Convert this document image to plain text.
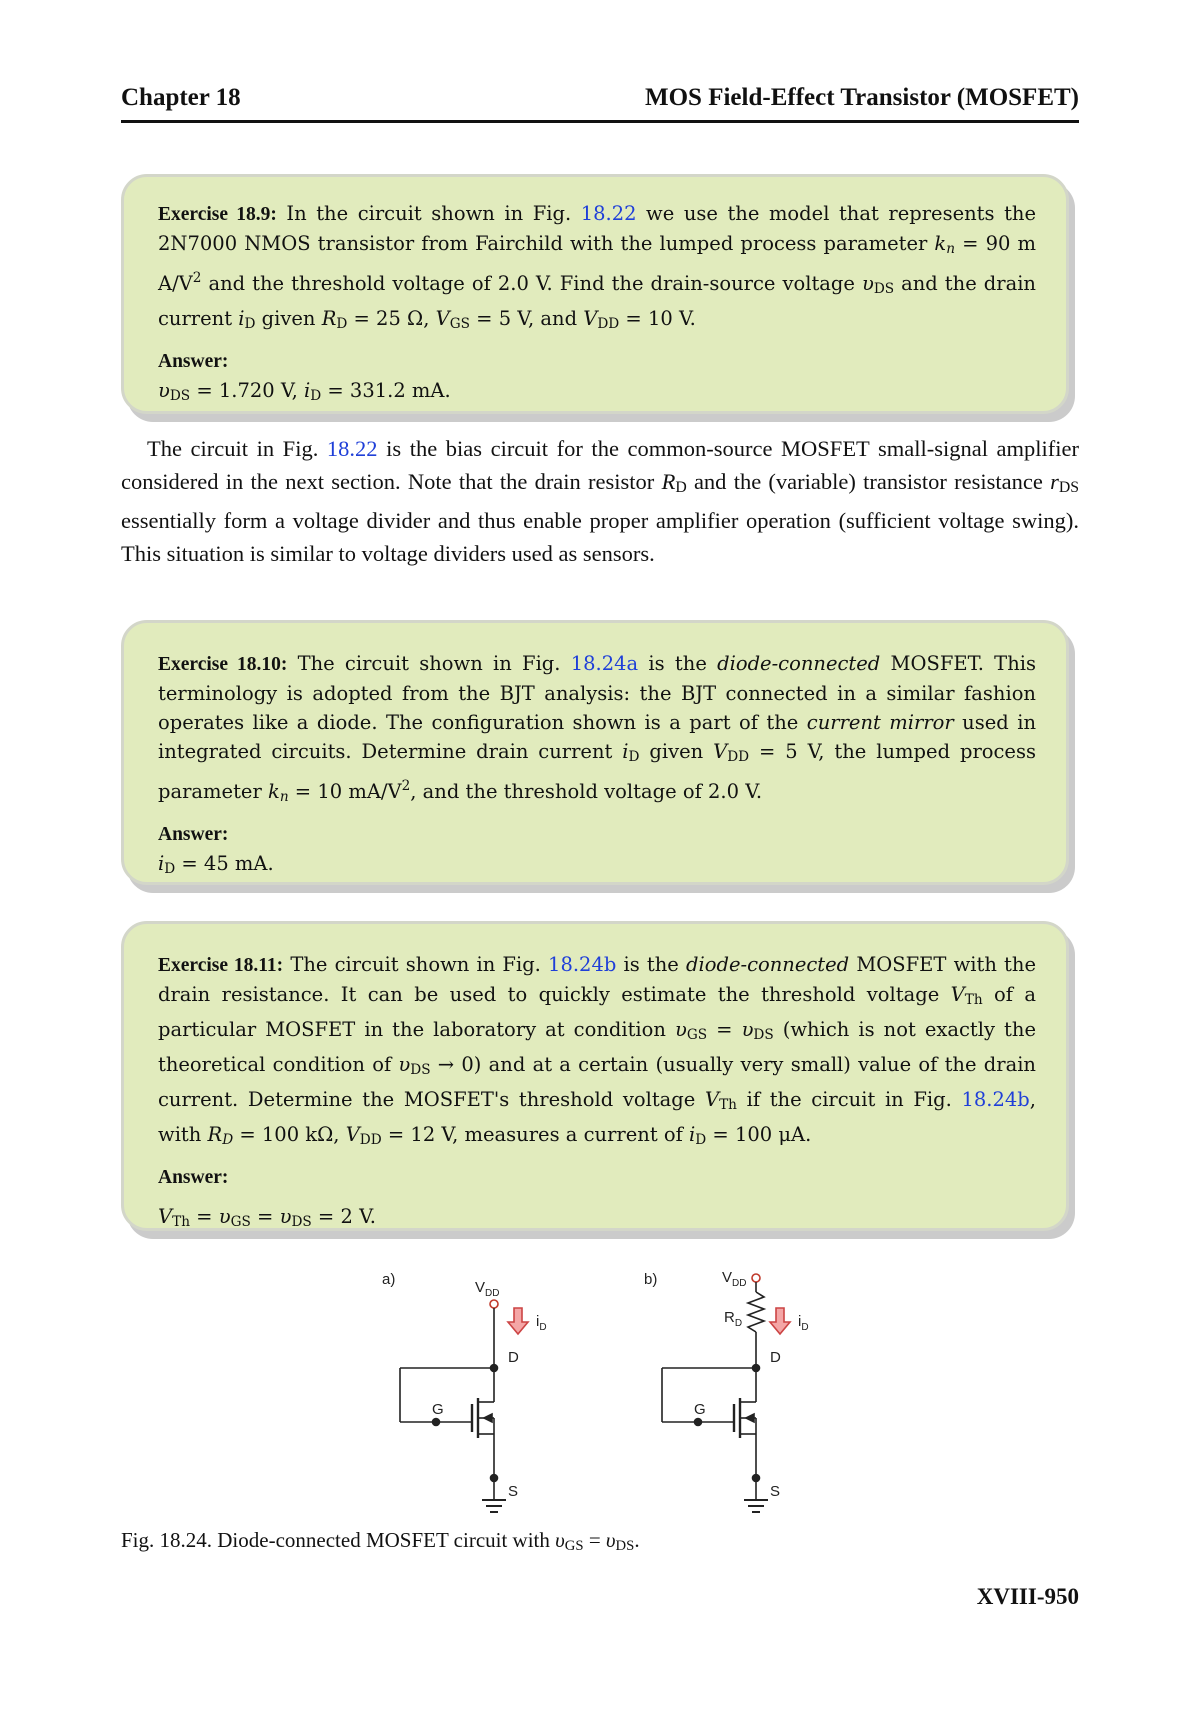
Chapter 18	MOS Field-Effect Transistor (MOSFET)

Exercise 18.9: In the circuit shown in Fig. 18.22 we use the model that represents the 2N7000 NMOS transistor from Fairchild with the lumped process parameter $k_n = 90$ m $A/V^2$ and the threshold voltage of 2.0 V. Find the drain-source voltage $\upsilon_{DS}$ and the drain current $i_D$ given $R_D = 25$ Ω, $V_{GS} = 5$ V, and $V_{DD} = 10$ V.

Answer:

$\upsilon_{DS} = 1.720$ V, $i_D = 331.2$ mA.

The circuit in Fig. 18.22 is the bias circuit for the common-source MOSFET small-signal amplifier considered in the next section. Note that the drain resistor RD and the (variable) transistor resistance rDS essentially form a voltage divider and thus enable proper amplifier operation (sufficient voltage swing). This situation is similar to voltage dividers used as sensors.

Exercise 18.10: The circuit shown in Fig. 18.24a is the diode-connected MOSFET. This terminology is adopted from the BJT analysis: the BJT connected in a similar fashion operates like a diode. The configuration shown is a part of the current mirror used in integrated circuits. Determine drain current $i_D$ given $V_{DD} = 5$ V, the lumped process parameter $k_n = 10$ $mA/V^2$, and the threshold voltage of 2.0 V.

Answer:

$i_D = 45$ mA.

Exercise 18.11: The circuit shown in Fig. 18.24b is the diode-connected MOSFET with the drain resistance. It can be used to quickly estimate the threshold voltage $V_{Th}$ of a particular MOSFET in the laboratory at condition $\upsilon_{GS} = \upsilon_{DS}$ (which is not exactly the theoretical condition of $\upsilon_{DS} \to 0$) and at a certain (usually very small) value of the drain current. Determine the MOSFET's threshold voltage $V_{Th}$ if the circuit in Fig. 18.24b, with $R_D = 100$ kΩ, $V_{DD} = 12$ V, measures a current of $i_D = 100$ μA.

Answer:

$V_{Th} = \upsilon_{GS} = \upsilon_{DS} = 2$ V.

a)	$V_{DD}$
$i_D$
D
G
S
b)	$V_{DD}$
$R_D$	$i_D$
D
G
S
Fig. 18.24. Diode-connected MOSFET circuit with $\upsilon_{GS} = \upsilon_{DS}$.
XVIII-950
